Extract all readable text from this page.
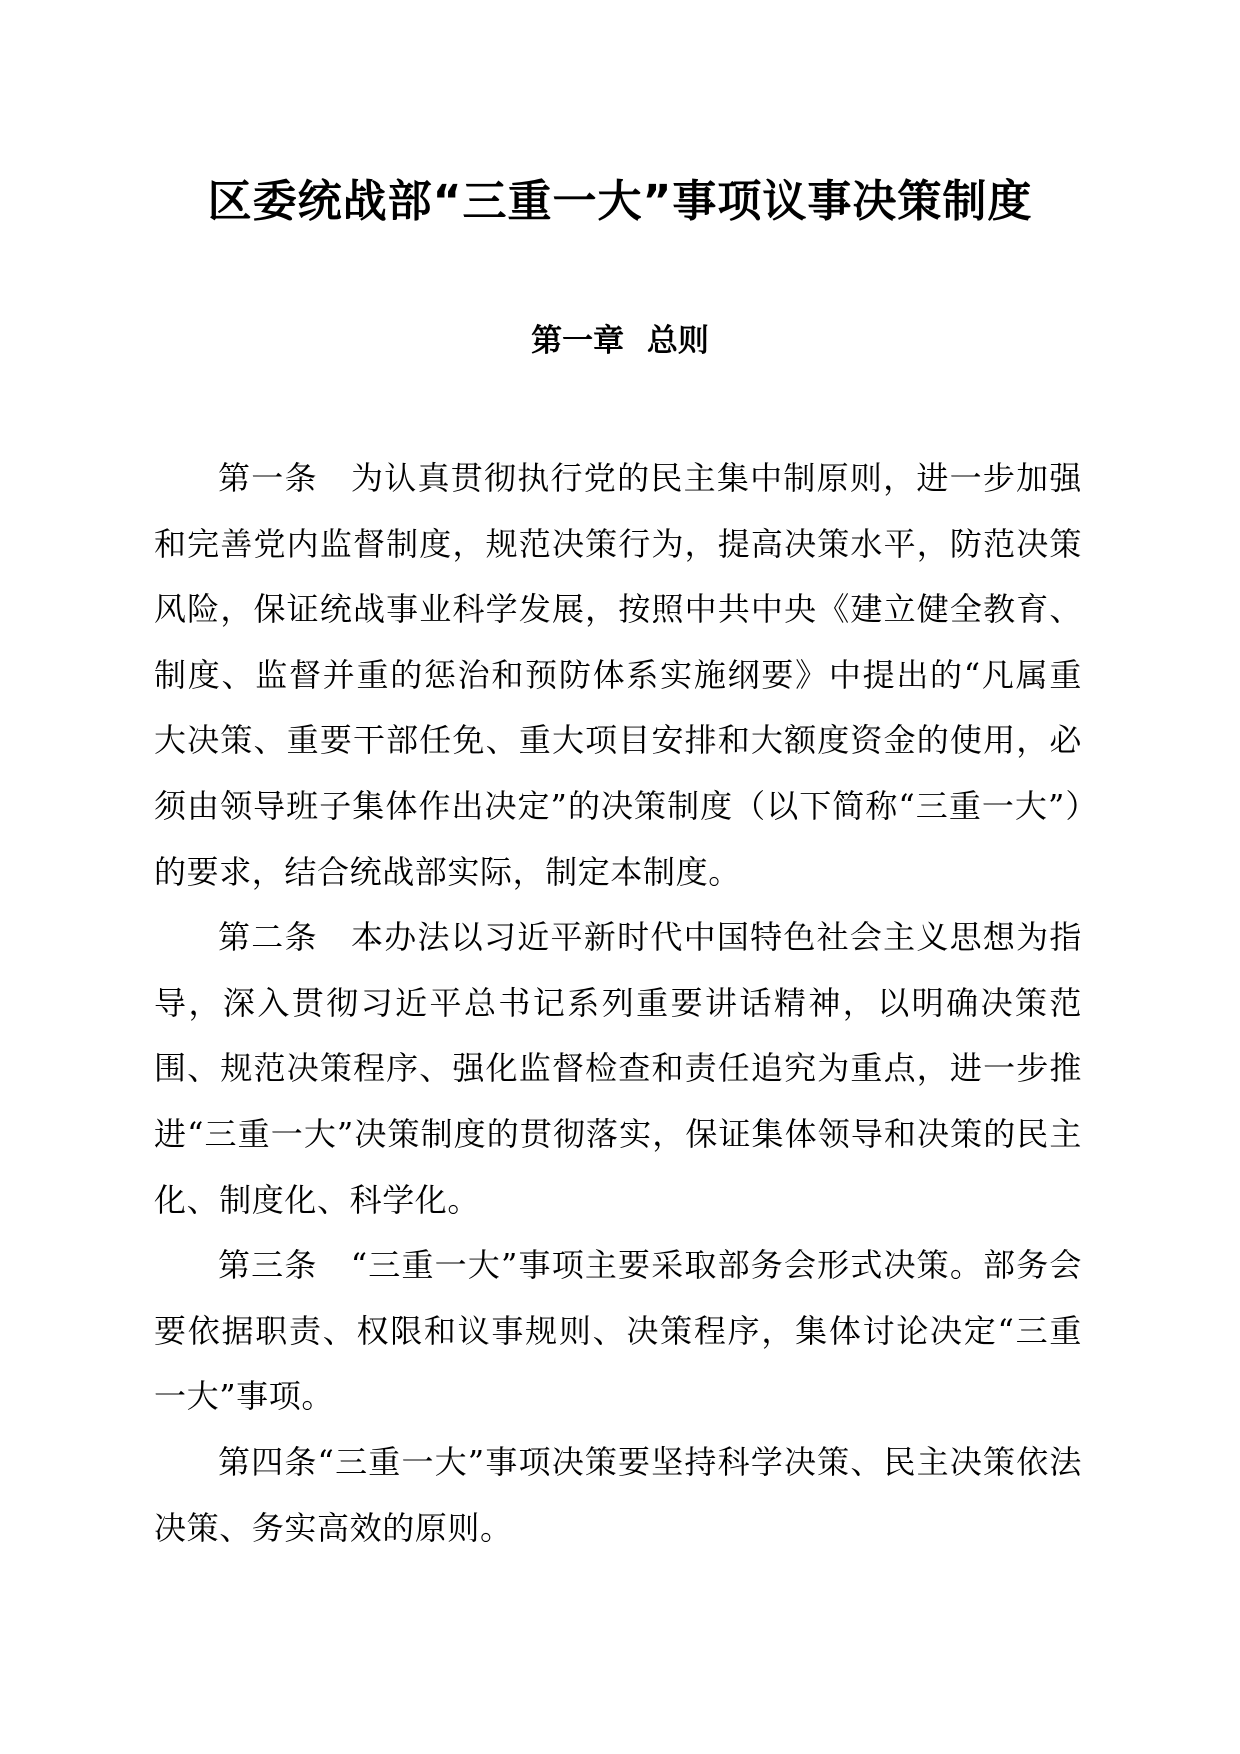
区委统战部“三重一大”事项议事决策制度
第一章 总则

第一条　为认真贯彻执行党的民主集中制原则，进一步加强和完善党内监督制度，规范决策行为，提高决策水平，防范决策风险，保证统战事业科学发展，按照中共中央《建立健全教育、制度、监督并重的惩治和预防体系实施纲要》中提出的“凡属重大决策、重要干部任免、重大项目安排和大额度资金的使用，必须由领导班子集体作出决定”的决策制度（以下简称“三重一大”）的要求，结合统战部实际，制定本制度。

第二条　本办法以习近平新时代中国特色社会主义思想为指导，深入贯彻习近平总书记系列重要讲话精神，以明确决策范围、规范决策程序、强化监督检查和责任追究为重点，进一步推进“三重一大”决策制度的贯彻落实，保证集体领导和决策的民主化、制度化、科学化。

第三条　“三重一大”事项主要采取部务会形式决策。部务会要依据职责、权限和议事规则、决策程序，集体讨论决定“三重一大”事项。

第四条“三重一大”事项决策要坚持科学决策、民主决策依法决策、务实高效的原则。
